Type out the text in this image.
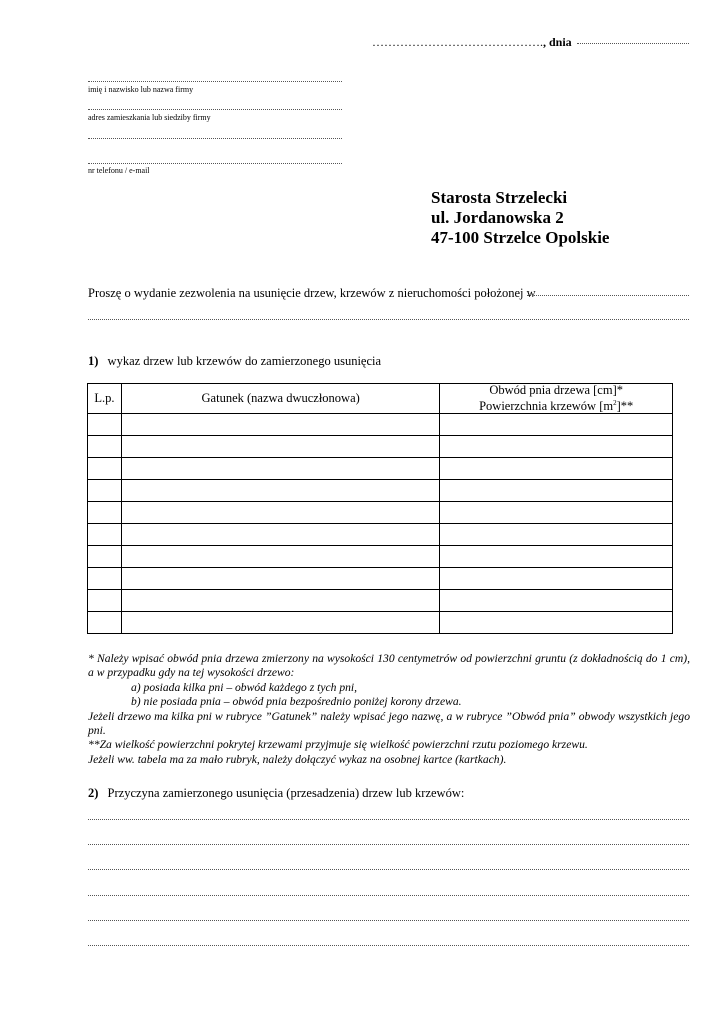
……………………………………., dnia
imię i nazwisko lub nazwa firmy
adres zamieszkania lub siedziby firmy
nr telefonu / e-mail
Starosta Strzelecki
ul. Jordanowska 2
47-100 Strzelce Opolskie
Proszę o wydanie zezwolenia na usunięcie drzew, krzewów z nieruchomości położonej w
1) wykaz drzew lub krzewów do zamierzonego usunięcia
L.p.	Gatunek (nazwa dwuczłonowa)	Obwód pnia drzewa [cm]*
Powierzchnia krzewów $[m^2]**$

* Należy wpisać obwód pnia drzewa zmierzony na wysokości 130 centymetrów od powierzchni gruntu (z dokładnością do 1 cm), a w przypadku gdy na tej wysokości drzewo:
a) posiada kilka pni – obwód każdego z tych pni,
b) nie posiada pnia – obwód pnia bezpośrednio poniżej korony drzewa.
Jeżeli drzewo ma kilka pni w rubryce ”Gatunek” należy wpisać jego nazwę, a w rubryce ”Obwód pnia” obwody wszystkich jego pni.
**Za wielkość powierzchni pokrytej krzewami przyjmuje się wielkość powierzchni rzutu poziomego krzewu.
Jeżeli ww. tabela ma za mało rubryk, należy dołączyć wykaz na osobnej kartce (kartkach).
2) Przyczyna zamierzonego usunięcia (przesadzenia) drzew lub krzewów:
